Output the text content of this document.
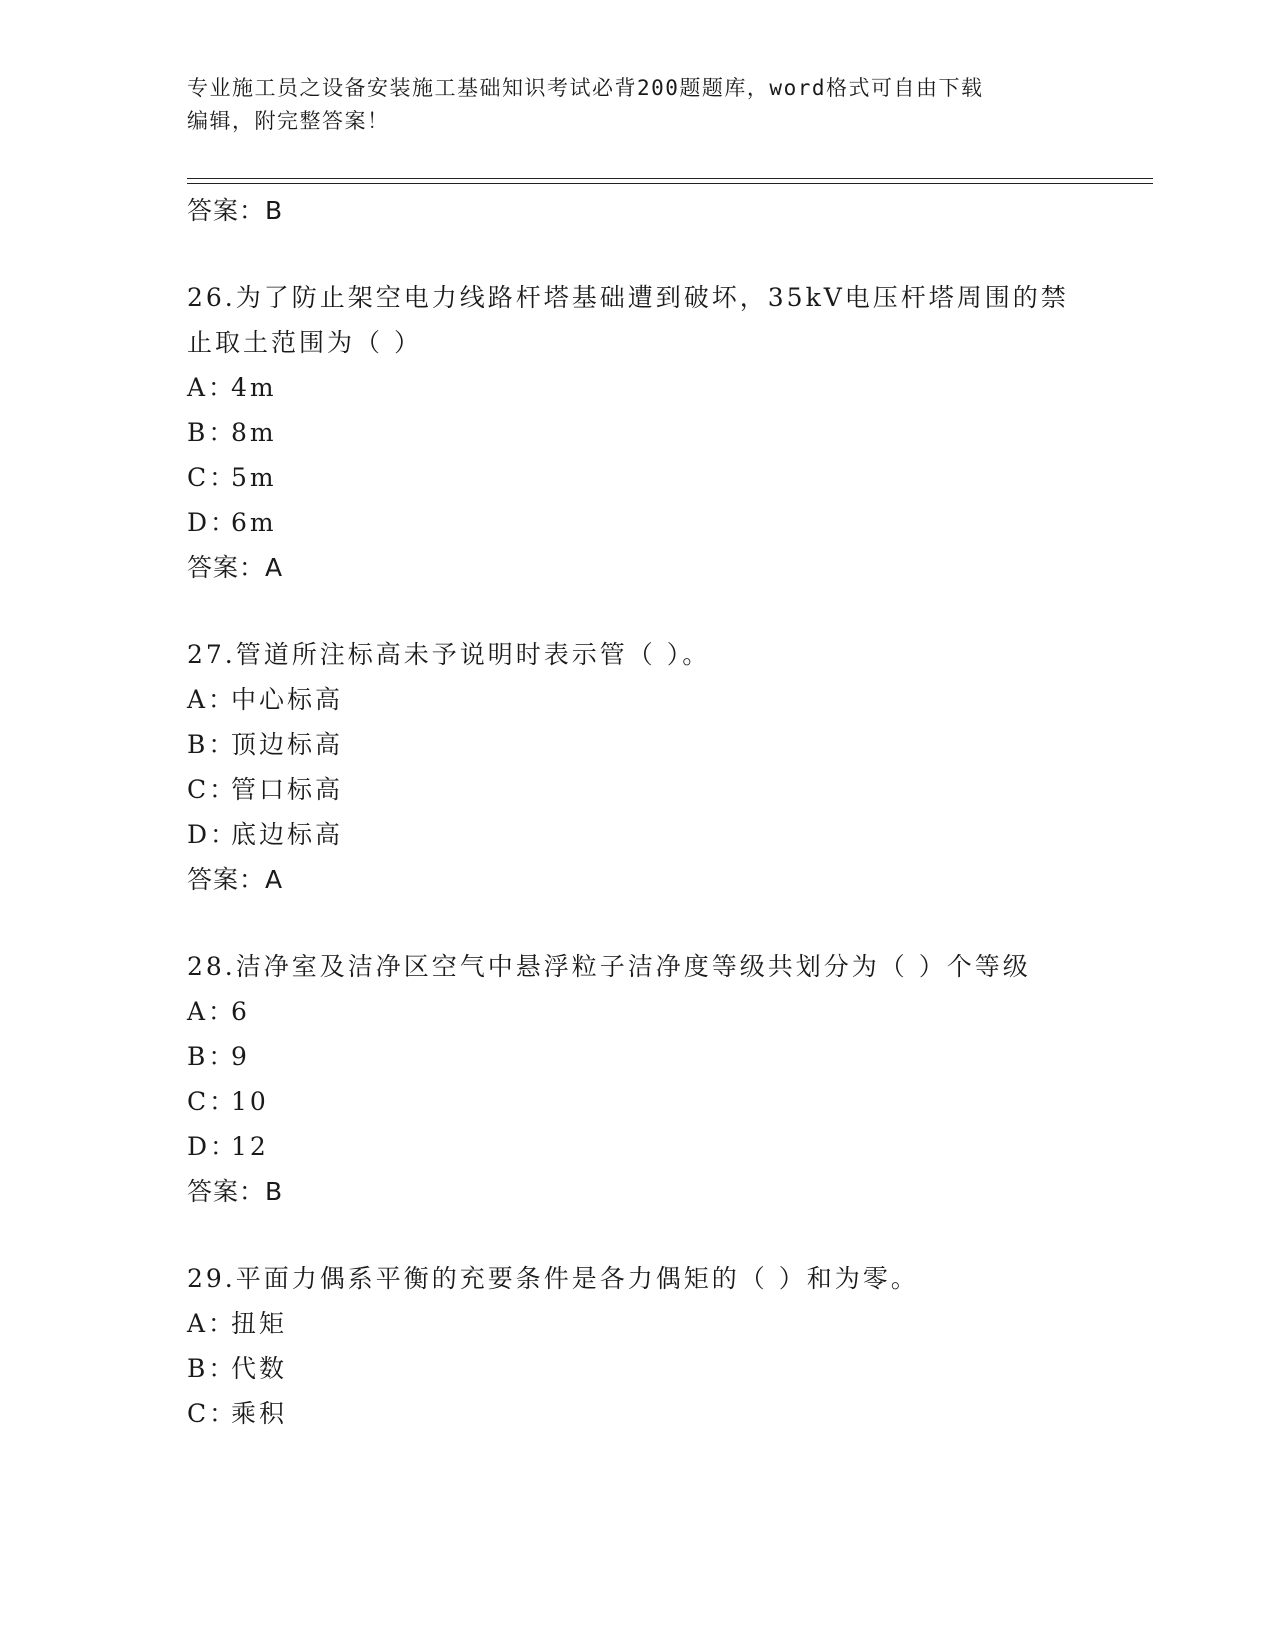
专业施工员之设备安装施工基础知识考试必背200题题库，word格式可自由下载
编辑，附完整答案！
答案：B
26.为了防止架空电力线路杆塔基础遭到破坏，35kV电压杆塔周围的禁
止取土范围为（ ）
A：4m
B：8m
C：5m
D：6m
答案：A
27.管道所注标高未予说明时表示管（ ）。
A：中心标高
B：顶边标高
C：管口标高
D：底边标高
答案：A
28.洁净室及洁净区空气中悬浮粒子洁净度等级共划分为（ ）个等级
A：6
B：9
C：10
D：12
答案：B
29.平面力偶系平衡的充要条件是各力偶矩的（ ）和为零。
A：扭矩
B：代数
C：乘积
